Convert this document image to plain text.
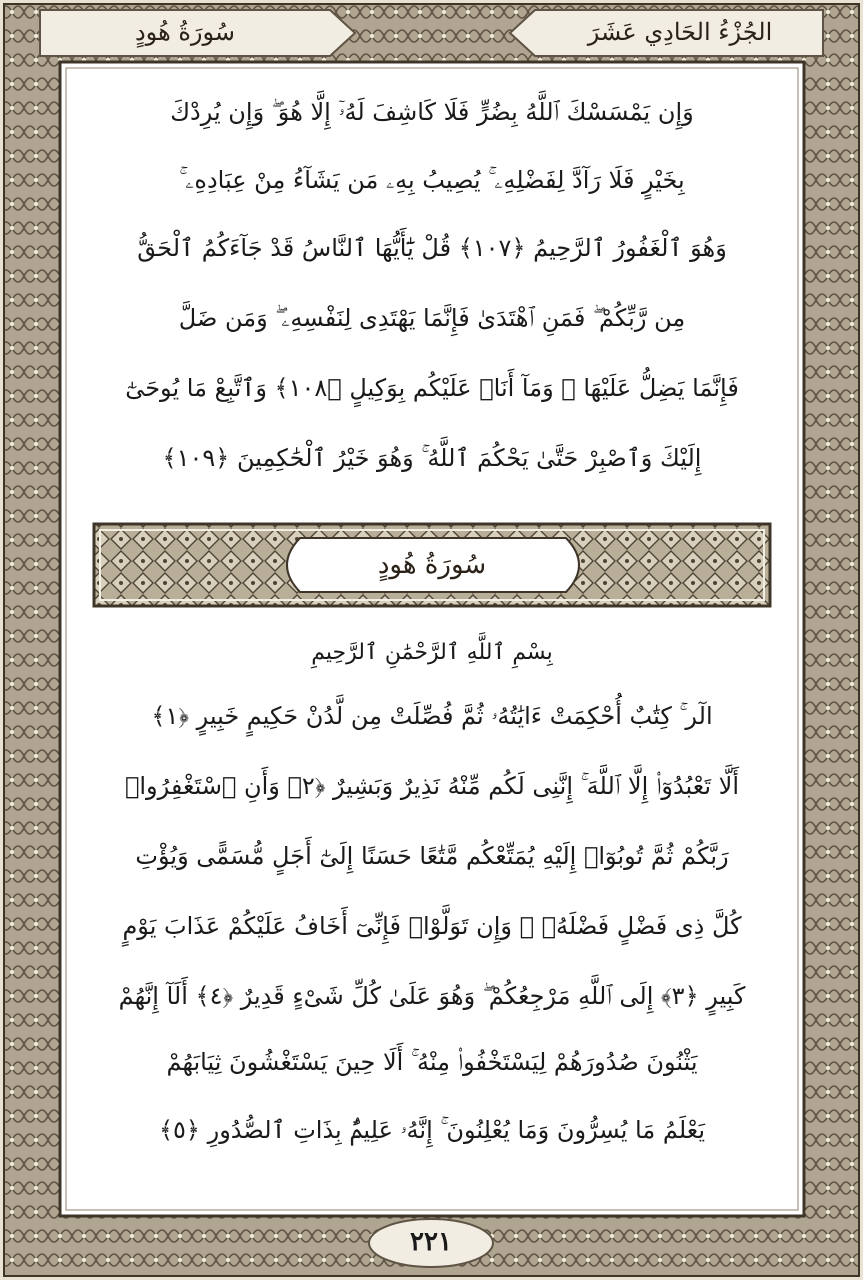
سُورَةُ هُودٍ	الجُزْءُ الحَادِي عَشَرَ
وَإِن يَمْسَسْكَ ٱللَّهُ بِضُرٍّ فَلَا كَاشِفَ لَهُۥٓ إِلَّا هُوَ ۖ وَإِن يُرِدْكَ
بِخَيْرٍ فَلَا رَآدَّ لِفَضْلِهِۦ ۚ يُصِيبُ بِهِۦ مَن يَشَآءُ مِنْ عِبَادِهِۦ ۚ
وَهُوَ ٱلْغَفُورُ ٱلرَّحِيمُ ﴿١٠٧﴾ قُلْ يَٰٓأَيُّهَا ٱلنَّاسُ قَدْ جَآءَكُمُ ٱلْحَقُّ
مِن رَّبِّكُمْ ۖ فَمَنِ ٱهْتَدَىٰ فَإِنَّمَا يَهْتَدِى لِنَفْسِهِۦ ۖ وَمَن ضَلَّ
فَإِنَّمَا يَضِلُّ عَلَيْهَا ۖ وَمَآ أَنَا۠ عَلَيْكُم بِوَكِيلٍ ﴿١٠٨﴾ وَٱتَّبِعْ مَا يُوحَىٰٓ
إِلَيْكَ وَٱصْبِرْ حَتَّىٰ يَحْكُمَ ٱللَّهُ ۚ وَهُوَ خَيْرُ ٱلْحَٰكِمِينَ ﴿١٠٩﴾
سُورَةُ هُودٍ
بِسْمِ ٱللَّهِ ٱلرَّحْمَٰنِ ٱلرَّحِيمِ
الٓر ۚ كِتَٰبٌ أُحْكِمَتْ ءَايَٰتُهُۥ ثُمَّ فُصِّلَتْ مِن لَّدُنْ حَكِيمٍ خَبِيرٍ ﴿١﴾
أَلَّا تَعْبُدُوٓا۟ إِلَّا ٱللَّهَ ۚ إِنَّنِى لَكُم مِّنْهُ نَذِيرٌ وَبَشِيرٌ ﴿٢﴾ وَأَنِ ٱسْتَغْفِرُوا۟
رَبَّكُمْ ثُمَّ تُوبُوٓا۟ إِلَيْهِ يُمَتِّعْكُم مَّتَٰعًا حَسَنًا إِلَىٰٓ أَجَلٍ مُّسَمًّى وَيُؤْتِ
كُلَّ ذِى فَضْلٍ فَضْلَهُۥ ۖ وَإِن تَوَلَّوْا۟ فَإِنِّىٓ أَخَافُ عَلَيْكُمْ عَذَابَ يَوْمٍ
كَبِيرٍ ﴿٣﴾ إِلَى ٱللَّهِ مَرْجِعُكُمْ ۖ وَهُوَ عَلَىٰ كُلِّ شَىْءٍ قَدِيرٌ ﴿٤﴾ أَلَآ إِنَّهُمْ
يَثْنُونَ صُدُورَهُمْ لِيَسْتَخْفُوا۟ مِنْهُ ۚ أَلَا حِينَ يَسْتَغْشُونَ ثِيَابَهُمْ
يَعْلَمُ مَا يُسِرُّونَ وَمَا يُعْلِنُونَ ۚ إِنَّهُۥ عَلِيمٌۢ بِذَاتِ ٱلصُّدُورِ ﴿٥﴾
٢٢١
